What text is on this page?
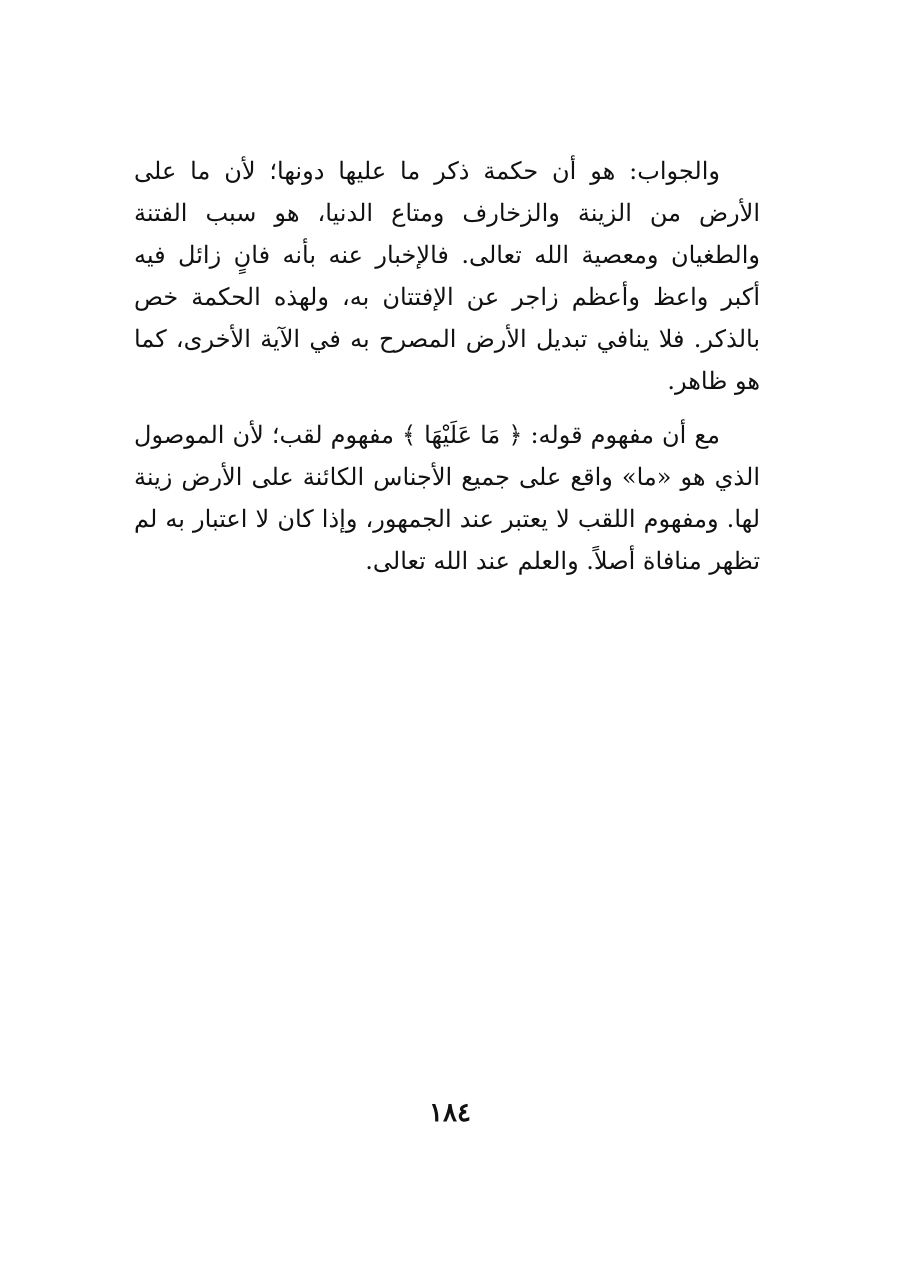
والجواب: هو أن حكمة ذكر ما عليها دونها؛ لأن ما على الأرض من الزينة والزخارف ومتاع الدنيا، هو سبب الفتنة والطغيان ومعصية الله تعالى. فالإخبار عنه بأنه فانٍ زائل فيه أكبر واعظ وأعظم زاجر عن الإفتتان به، ولهذه الحكمة خص بالذكر. فلا ينافي تبديل الأرض المصرح به في الآية الأخرى، كما هو ظاهر.

مع أن مفهوم قوله: ﴿ مَا عَلَيْهَا ﴾ مفهوم لقب؛ لأن الموصول الذي هو «ما» واقع على جميع الأجناس الكائنة على الأرض زينة لها. ومفهوم اللقب لا يعتبر عند الجمهور، وإذا كان لا اعتبار به لم تظهر منافاة أصلاً. والعلم عند الله تعالى.

١٨٤
